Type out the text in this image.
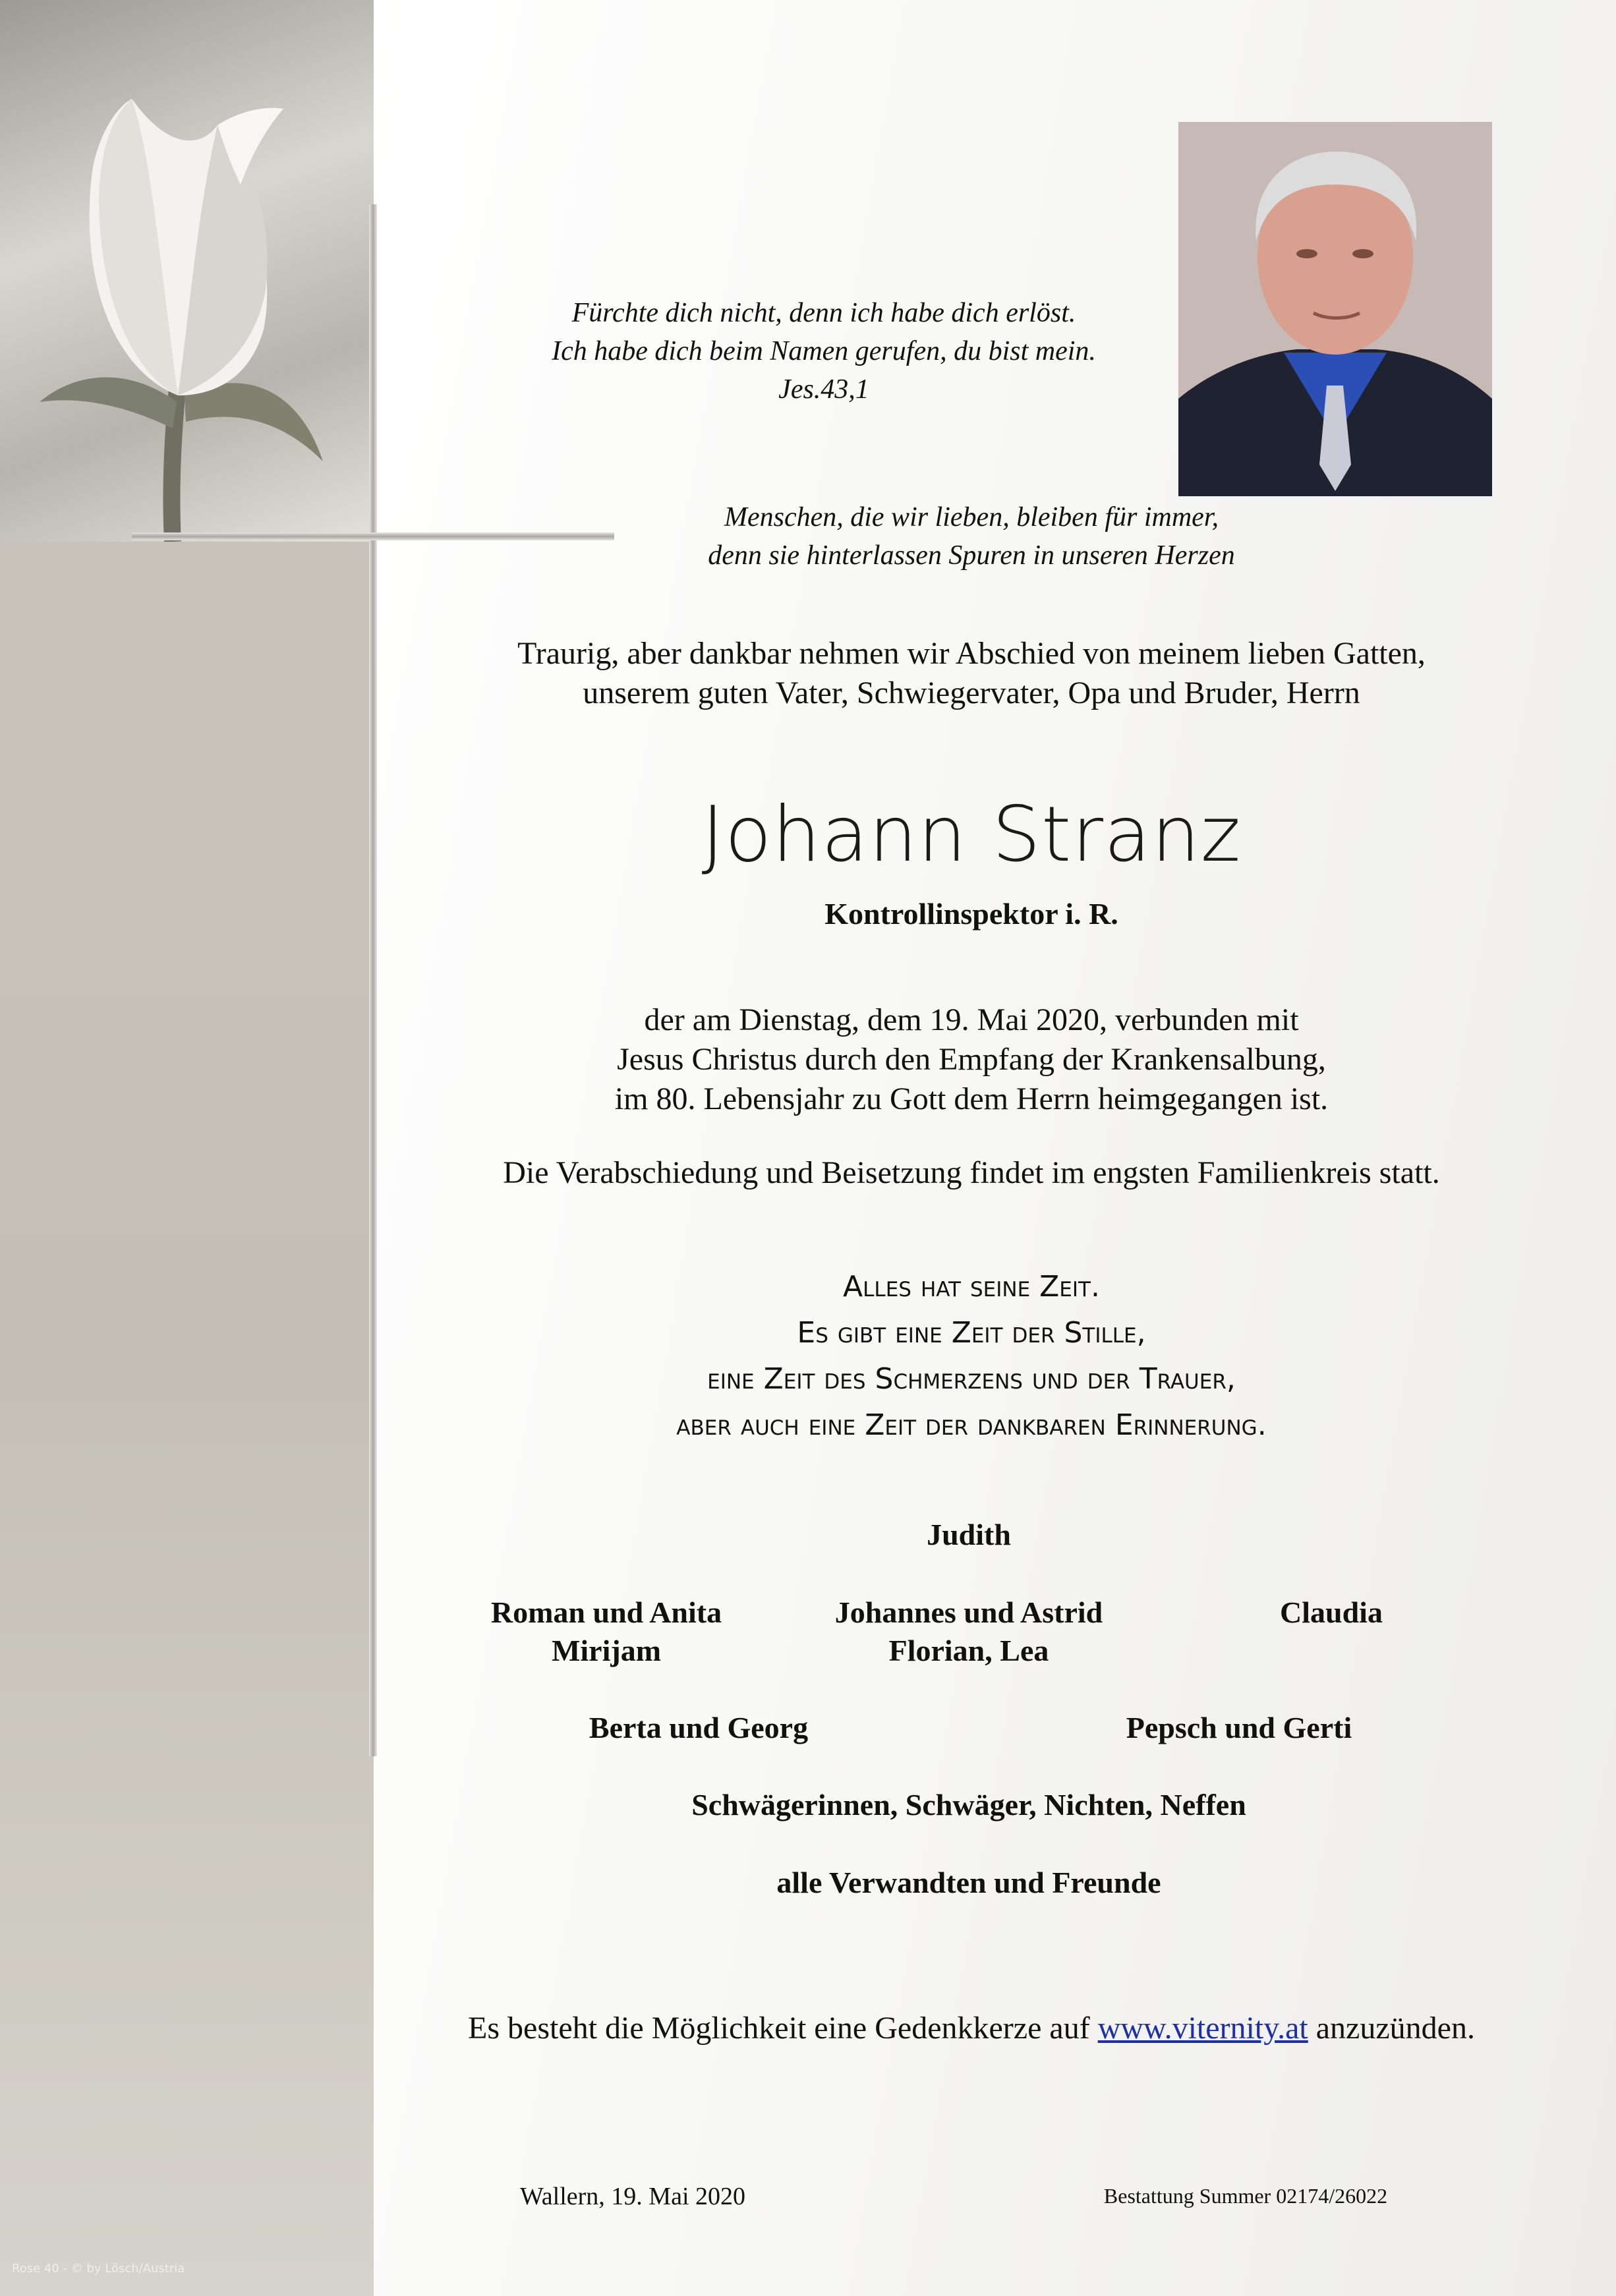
Fürchte dich nicht, denn ich habe dich erlöst.
Ich habe dich beim Namen gerufen, du bist mein.
Jes.43,1
Menschen, die wir lieben, bleiben für immer,
denn sie hinterlassen Spuren in unseren Herzen
Traurig, aber dankbar nehmen wir Abschied von meinem lieben Gatten,
unserem guten Vater, Schwiegervater, Opa und Bruder, Herrn
Johann Stranz
Kontrollinspektor i. R.
der am Dienstag, dem 19. Mai 2020, verbunden mit
Jesus Christus durch den Empfang der Krankensalbung,
im 80. Lebensjahr zu Gott dem Herrn heimgegangen ist.
Die Verabschiedung und Beisetzung findet im engsten Familienkreis statt.
Alles hat seine Zeit.
Es gibt eine Zeit der Stille,
eine Zeit des Schmerzens und der Trauer,
aber auch eine Zeit der dankbaren Erinnerung.
Judith
Roman und Anita
Mirijam
Johannes und Astrid
Florian, Lea
Claudia
Berta und Georg	Pepsch und Gerti
Schwägerinnen, Schwäger, Nichten, Neffen
alle Verwandten und Freunde
Es besteht die Möglichkeit eine Gedenkkerze auf www.viternity.at anzuzünden.
Wallern, 19. Mai 2020	Bestattung Summer 02174/26022
Rose 40 - © by Lösch/Austria
